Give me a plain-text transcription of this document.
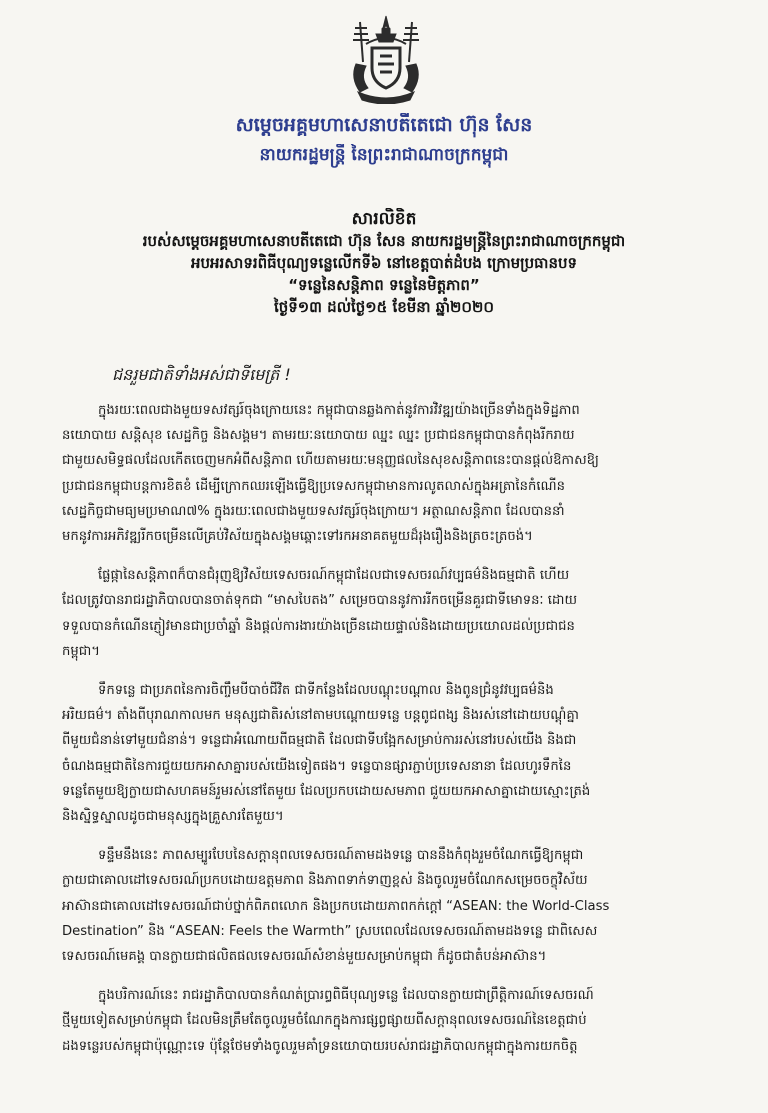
សម្ដេចអគ្គមហាសេនាបតីតេជោ ហ៊ុន សែន
នាយករដ្ឋមន្ត្រី នៃព្រះរាជាណាចក្រកម្ពុជា
សារលិខិត
របស់សម្ដេចអគ្គមហាសេនាបតីតេជោ ហ៊ុន សែន នាយករដ្ឋមន្ត្រីនៃព្រះរាជាណាចក្រកម្ពុជា
អបអរសាទរពិធីបុណ្យទន្លេលើកទី៦ នៅខេត្តបាត់ដំបង ក្រោមប្រធានបទ
“ទន្លេនៃសន្តិភាព ទន្លេនៃមិត្តភាព”
ថ្ងៃទី១៣ ដល់ថ្ងៃ១៥ ខែមីនា ឆ្នាំ២០២០
ជនរួមជាតិទាំងអស់ជាទីមេត្រី !

ក្នុងរយៈពេលជាងមួយទសវត្សរ៍ចុងក្រោយនេះ កម្ពុជាបានឆ្លងកាត់នូវការវិវឌ្ឍយ៉ាងច្រើនទាំងក្នុងទិដ្ឋភាព
នយោបាយ សន្តិសុខ សេដ្ឋកិច្ច និងសង្គម។ តាមរយៈនយោបាយ ឈ្នះ ឈ្នះ ប្រជាជនកម្ពុជាបានកំពុងរីករាយ
ជាមួយសមិទ្ធផលដែលកើតចេញមកអំពីសន្តិភាព ហើយតាមរយៈមនុញ្ញផលនៃសុខសន្តិភាពនេះបានផ្ដល់ឱកាសឱ្យ
ប្រជាជនកម្ពុជាបន្តការខិតខំ ដើម្បីក្រោកឈរឡើងធ្វើឱ្យប្រទេសកម្ពុជាមានការលូតលាស់ក្នុងអត្រានៃកំណើន
សេដ្ឋកិច្ចជាមធ្យមប្រមាណ៧% ក្នុងរយៈពេលជាងមួយទសវត្សរ៍ចុងក្រោយ។ អត្ថាណសន្តិភាព ដែលបាននាំ
មកនូវការអភិវឌ្ឍរីកចម្រើនលើគ្រប់វិស័យក្នុងសង្គមឆ្ពោះទៅរកអនាគតមួយដ៏រុងរឿងនិងត្រចះត្រចង់។

ផ្លែផ្កានៃសន្តិភាពក៏បានជំរុញឱ្យវិស័យទេសចរណ៍កម្ពុជាដែលជាទេសចរណ៍វប្បធម៌និងធម្មជាតិ ហើយ
ដែលត្រូវបានរាជរដ្ឋាភិបាលបានចាត់ទុកជា “មាសបៃតង” សម្រេចបាននូវការរីកចម្រើនគួរជាទីមោទនៈ ដោយ
ទទួលបានកំណើនភ្ញៀវមានជាប្រចាំឆ្នាំ និងផ្ដល់ការងារយ៉ាងច្រើនដោយផ្ទាល់និងដោយប្រយោលដល់ប្រជាជន
កម្ពុជា។

ទឹកទន្លេ ជាប្រភពនៃការចិញ្ចឹមបីបាច់ជីវិត ជាទីកន្លែងដែលបណ្ដុះបណ្ដាល និងពូនជ្រំនូវវប្បធម៌និង
អរិយធម៌។ តាំងពីបុរាណកាលមក មនុស្សជាតិរស់នៅតាមបណ្ដោយទន្លេ បន្តពូជពង្ស និងរស់នៅដោយបណ្ដុំគ្នា
ពីមួយជំនាន់ទៅមួយជំនាន់។ ទន្លេជាអំណោយពីធម្មជាតិ ដែលជាទីបង្អែកសម្រាប់ការរស់នៅរបស់យើង និងជា
ចំណងធម្មជាតិនៃការជួយយកអាសាគ្នារបស់យើងទៀតផង។ ទន្លេបានផ្សារភ្ជាប់ប្រទេសនានា ដែលហូរទឹកនៃ
ទន្លេតែមួយឱ្យក្លាយជាសហគមន៍រួមរស់នៅតែមួយ ដែលប្រកបដោយសមភាព ជួយយកអាសាគ្នាដោយស្មោះត្រង់
និងស្និទ្ធស្នាលដូចជាមនុស្សក្នុងគ្រួសារតែមួយ។

ទន្ទឹមនឹងនេះ ភាពសម្បូរបែបនៃសក្ដានុពលទេសចរណ៍តាមដងទន្លេ បាននឹងកំពុងរួមចំណែកធ្វើឱ្យកម្ពុជា
ក្លាយជាគោលដៅទេសចរណ៍ប្រកបដោយឧត្ដមភាព និងភាពទាក់ទាញខ្ពស់ និងចូលរួមចំណែកសម្រេចចក្ខុវិស័យ
អាស៊ានជាគោលដៅទេសចរណ៍ជាប់ថ្នាក់ពិភពលោក និងប្រកបដោយភាពកក់ក្ដៅ “ASEAN: the World-Class
Destination” និង “ASEAN: Feels the Warmth” ស្របពេលដែលទេសចរណ៍តាមដងទន្លេ ជាពិសេស
ទេសចរណ៍មេគង្គ បានក្លាយជាផលិតផលទេសចរណ៍សំខាន់មួយសម្រាប់កម្ពុជា ក៏ដូចជាតំបន់អាស៊ាន។

ក្នុងបរិការណ៍នេះ រាជរដ្ឋាភិបាលបានកំណត់ប្រារព្ធពិធីបុណ្យទន្លេ ដែលបានក្លាយជាព្រឹត្តិការណ៍ទេសចរណ៍
ថ្មីមួយទៀតសម្រាប់កម្ពុជា ដែលមិនត្រឹមតែចូលរួមចំណែកក្នុងការផ្សព្វផ្សាយពីសក្ដានុពលទេសចរណ៍នៃខេត្តជាប់
ដងទន្លេរបស់កម្ពុជាប៉ុណ្ណោះទេ ប៉ុន្តែថែមទាំងចូលរួមគាំទ្រនយោបាយរបស់រាជរដ្ឋាភិបាលកម្ពុជាក្នុងការយកចិត្ត
